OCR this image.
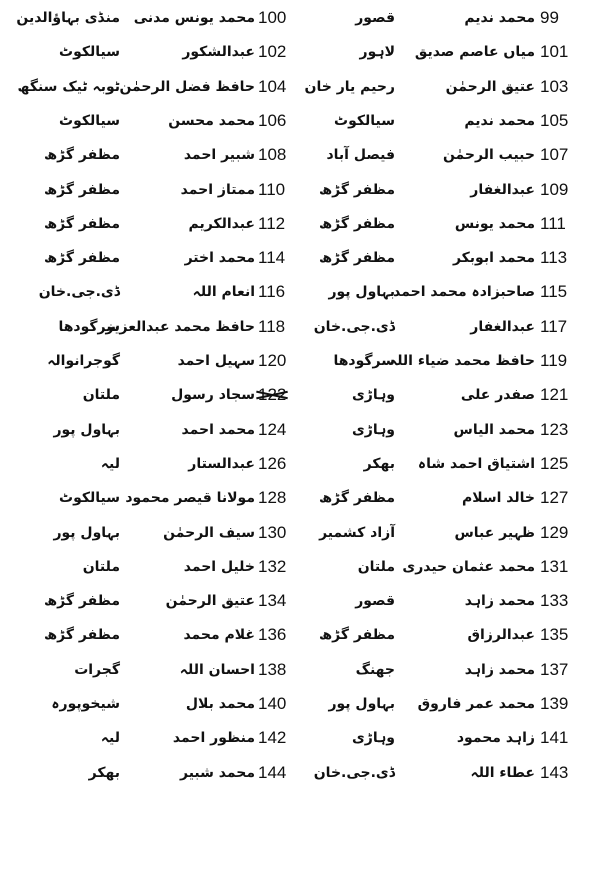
99
محمد ندیم
قصور
100
محمد یونس مدنی
منڈی بہاؤالدین
101
میاں عاصم صدیق
لاہور
102
عبدالشکور
سیالکوٹ
103
عتیق الرحمٰن
رحیم یار خان
104
حافظ فضل الرحمٰن
ٹوبہ ٹیک سنگھ
105
محمد ندیم
سیالکوٹ
106
محمد محسن
سیالکوٹ
107
حبیب الرحمٰن
فیصل آباد
108
شبیر احمد
مظفر گڑھ
109
عبدالغفار
مظفر گڑھ
110
ممتاز احمد
مظفر گڑھ
111
محمد یونس
مظفر گڑھ
112
عبدالکریم
مظفر گڑھ
113
محمد ابوبکر
مظفر گڑھ
114
محمد اختر
مظفر گڑھ
115
صاحبزادہ محمد احمد
بہاول پور
116
انعام اللہ
ڈی.جی.خان
117
عبدالغفار
ڈی.جی.خان
118
حافظ محمد عبدالعزیز
سرگودھا
119
حافظ محمد ضیاء اللہ
سرگودھا
120
سہیل احمد
گوجرانوالہ
121
صفدر علی
وہاڑی
122
سجاد رسول
ملتان
123
محمد الیاس
وہاڑی
124
محمد احمد
بہاول پور
125
اشتیاق احمد شاہ
بھکر
126
عبدالستار
لیہ
127
خالد اسلام
مظفر گڑھ
128
مولانا قیصر محمود
سیالکوٹ
129
ظہیر عباس
آزاد کشمیر
130
سیف الرحمٰن
بہاول پور
131
محمد عثمان حیدری
ملتان
132
خلیل احمد
ملتان
133
محمد زاہد
قصور
134
عتیق الرحمٰن
مظفر گڑھ
135
عبدالرزاق
مظفر گڑھ
136
غلام محمد
مظفر گڑھ
137
محمد زاہد
جھنگ
138
احسان اللہ
گجرات
139
محمد عمر فاروق
بہاول پور
140
محمد بلال
شیخوپورہ
141
زاہد محمود
وہاڑی
142
منظور احمد
لیہ
143
عطاء اللہ
ڈی.جی.خان
144
محمد شبیر
بھکر
